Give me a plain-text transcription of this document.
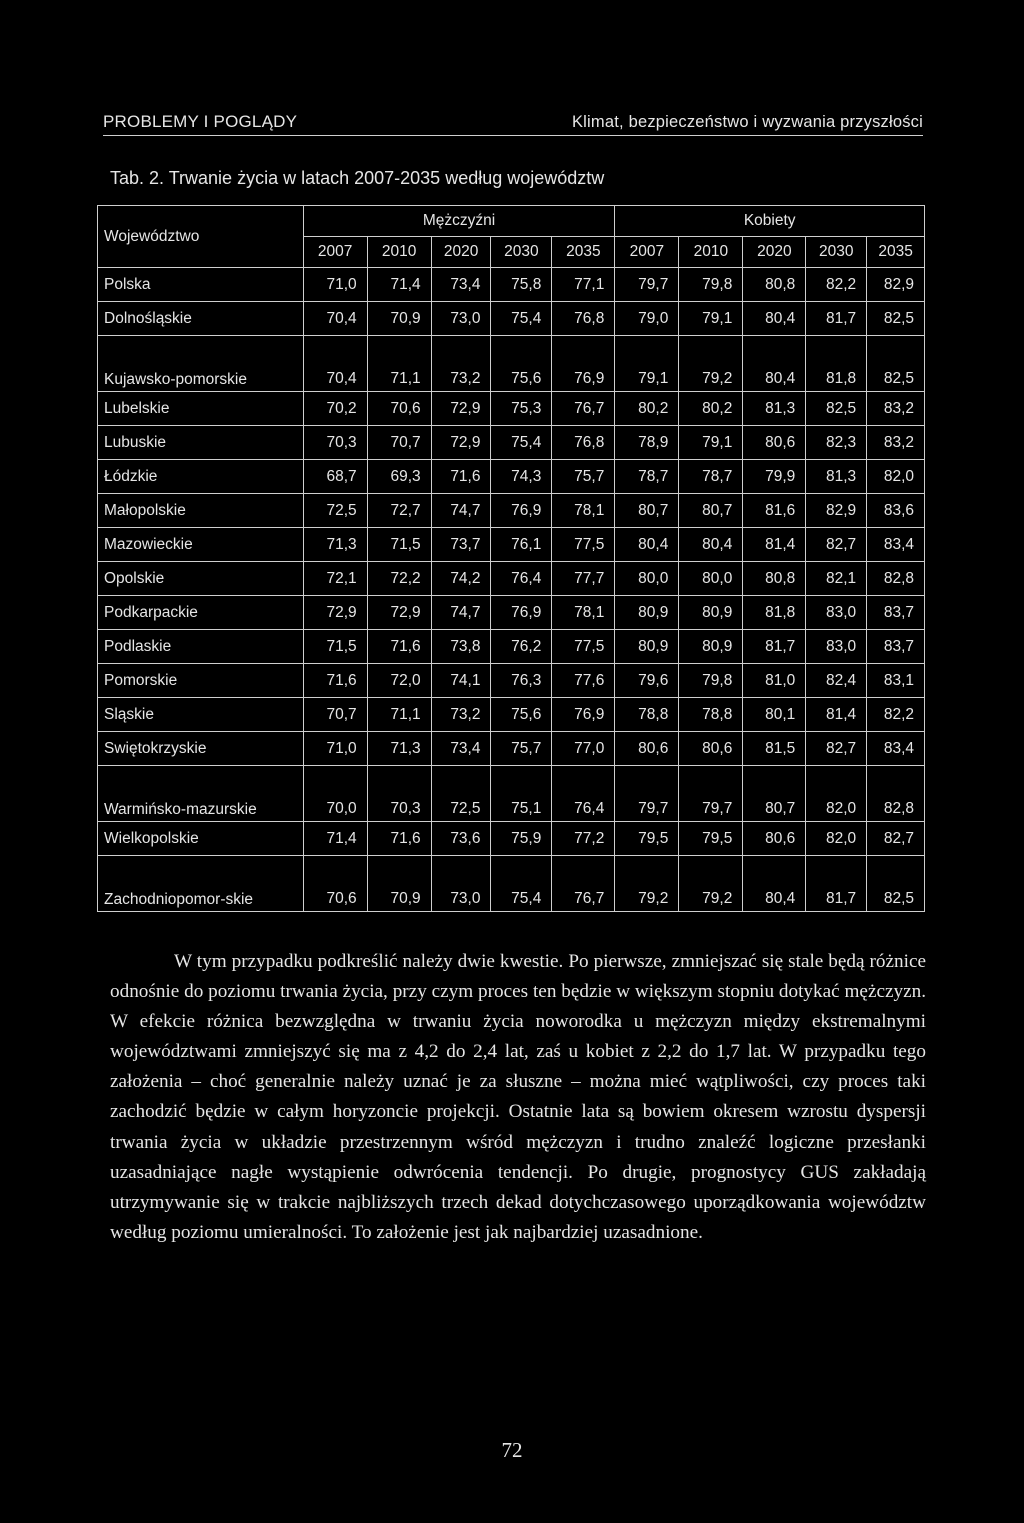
PROBLEMY I POGLĄDY	Klimat, bezpieczeństwo i wyzwania przyszłości
Tab. 2. Trwanie życia w latach 2007-2035 według województw
Województwo	Mężczyźni					Kobiety				
	2007	2010	2020	2030	2035	2007	2010	2020	2030	2035
Polska	71,0	71,4	73,4	75,8	77,1	79,7	79,8	80,8	82,2	82,9
Dolnośląskie	70,4	70,9	73,0	75,4	76,8	79,0	79,1	80,4	81,7	82,5
Kujawsko-pomorskie	70,4	71,1	73,2	75,6	76,9	79,1	79,2	80,4	81,8	82,5
Lubelskie	70,2	70,6	72,9	75,3	76,7	80,2	80,2	81,3	82,5	83,2
Lubuskie	70,3	70,7	72,9	75,4	76,8	78,9	79,1	80,6	82,3	83,2
Łódzkie	68,7	69,3	71,6	74,3	75,7	78,7	78,7	79,9	81,3	82,0
Małopolskie	72,5	72,7	74,7	76,9	78,1	80,7	80,7	81,6	82,9	83,6
Mazowieckie	71,3	71,5	73,7	76,1	77,5	80,4	80,4	81,4	82,7	83,4
Opolskie	72,1	72,2	74,2	76,4	77,7	80,0	80,0	80,8	82,1	82,8
Podkarpackie	72,9	72,9	74,7	76,9	78,1	80,9	80,9	81,8	83,0	83,7
Podlaskie	71,5	71,6	73,8	76,2	77,5	80,9	80,9	81,7	83,0	83,7
Pomorskie	71,6	72,0	74,1	76,3	77,6	79,6	79,8	81,0	82,4	83,1
Sląskie	70,7	71,1	73,2	75,6	76,9	78,8	78,8	80,1	81,4	82,2
Swiętokrzyskie	71,0	71,3	73,4	75,7	77,0	80,6	80,6	81,5	82,7	83,4
Warmińsko-mazurskie	70,0	70,3	72,5	75,1	76,4	79,7	79,7	80,7	82,0	82,8
Wielkopolskie	71,4	71,6	73,6	75,9	77,2	79,5	79,5	80,6	82,0	82,7
Zachodniopomor-skie	70,6	70,9	73,0	75,4	76,7	79,2	79,2	80,4	81,7	82,5
W tym przypadku podkreślić należy dwie kwestie. Po pierwsze, zmniejszać się stale będą różnice odnośnie do poziomu trwania życia, przy czym proces ten będzie w większym stopniu dotykać mężczyzn. W efekcie różnica bezwzględna w trwaniu życia noworodka u mężczyzn między ekstremalnymi województwami zmniejszyć się ma z 4,2 do 2,4 lat, zaś u kobiet z 2,2 do 1,7 lat. W przypadku tego założenia – choć generalnie należy uznać je za słuszne – można mieć wątpliwości, czy proces taki zachodzić będzie w całym horyzoncie projekcji. Ostatnie lata są bowiem okresem wzrostu dyspersji trwania życia w układzie przestrzennym wśród mężczyzn i trudno znaleźć logiczne przesłanki uzasadniające nagłe wystąpienie odwrócenia tendencji. Po drugie, prognostycy GUS zakładają utrzymywanie się w trakcie najbliższych trzech dekad dotychczasowego uporządkowania województw według poziomu umieralności. To założenie jest jak najbardziej uzasadnione.
72
